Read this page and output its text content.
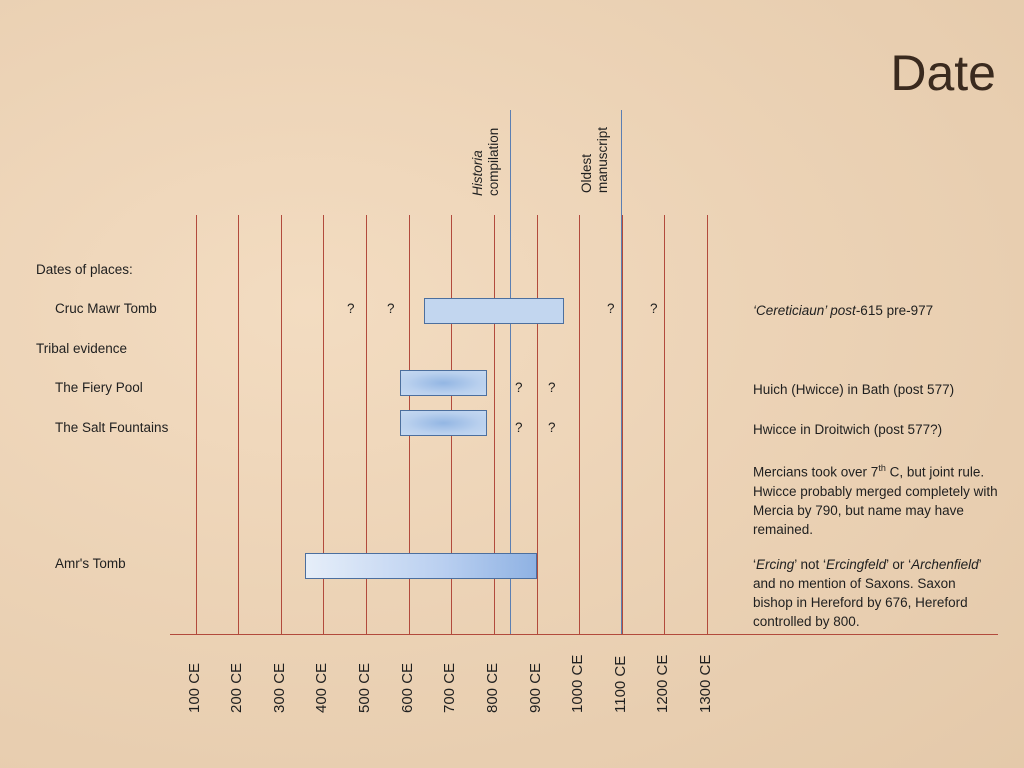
Date
Historia compilation	Oldest manuscript
100 CE 200 CE 300 CE 400 CE 500 CE 600 CE 700 CE 800 CE 900 CE 1000 CE 1100 CE 1200 CE 1300 CE
Dates of places:
Cruc Mawr Tomb
Tribal evidence
The Fiery Pool
The Salt Fountains
Amr's Tomb
? ?	?	?
? ?
? ?
‘Cereticiaun’ post-615 pre-977
Huich (Hwicce) in Bath (post 577)
Hwicce in Droitwich (post 577?)
Mercians took over 7th C, but joint rule. Hwicce probably merged completely with Mercia by 790, but name may have remained.
‘Ercing’ not ‘Ercingfeld’ or ‘Archenfield’ and no mention of Saxons. Saxon bishop in Hereford by 676, Hereford controlled by 800.
